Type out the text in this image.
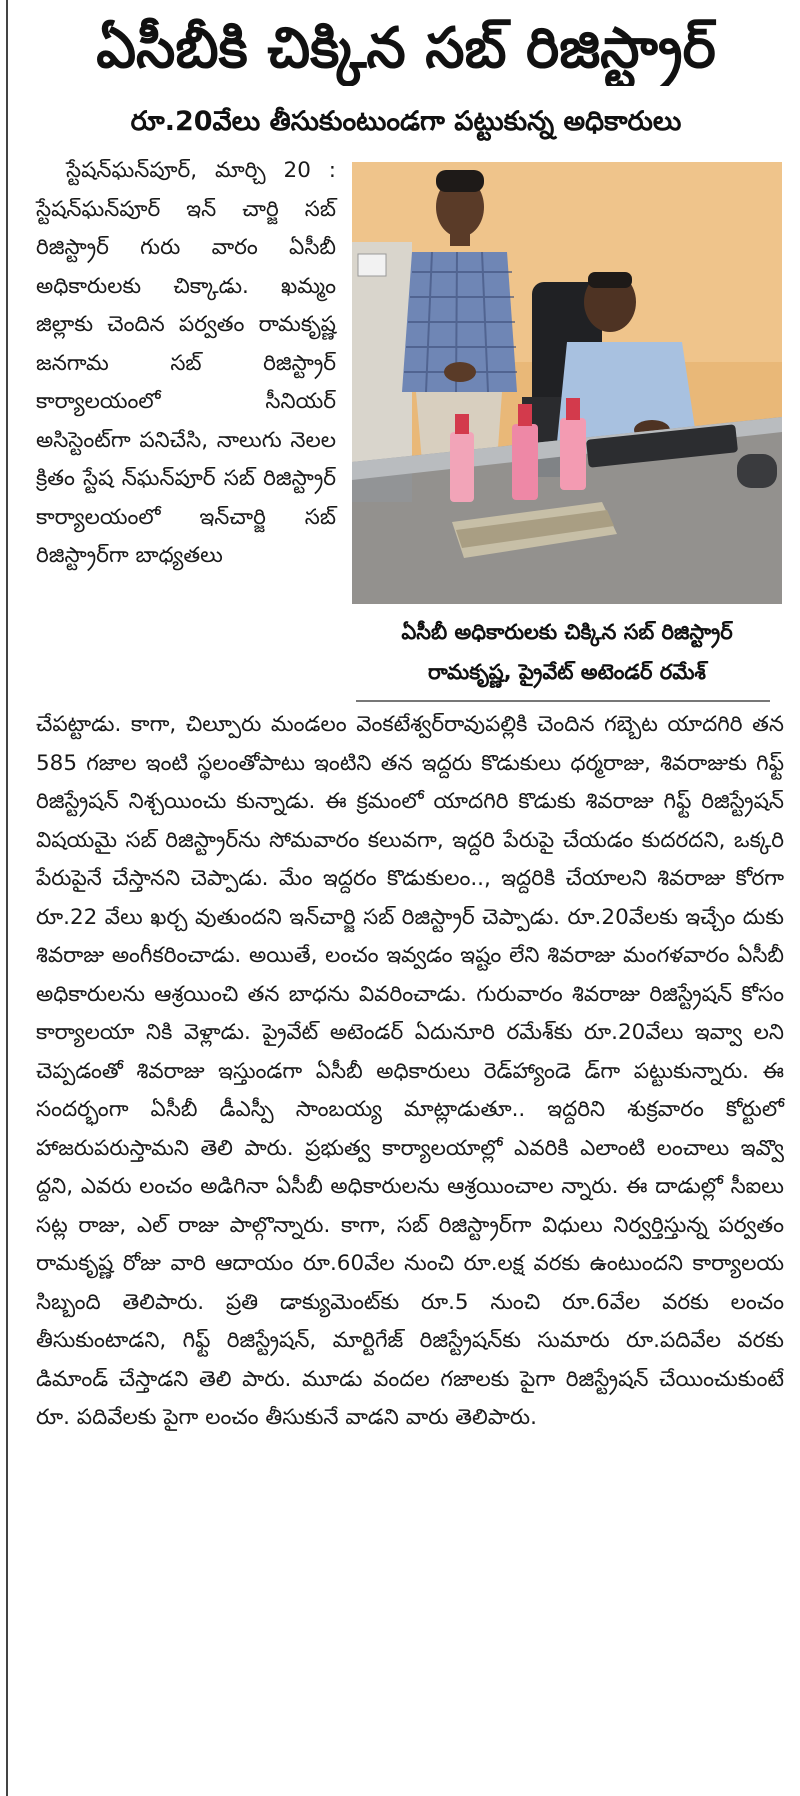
ఏసీబీకి చిక్కిన సబ్ రిజిస్ట్రార్
రూ.20వేలు తీసుకుంటుండగా పట్టుకున్న అధికారులు

స్టేషన్‌ఘన్‌పూర్, మార్చి 20 : స్టేషన్‌ఘన్‌పూర్ ఇన్ చార్జి సబ్ రిజిస్ట్రార్ గురు వారం ఏసీబీ అధికారులకు చిక్కాడు. ఖమ్మం జిల్లాకు చెందిన పర్వతం రామకృష్ణ జనగామ సబ్ రిజిస్ట్రార్ కార్యాలయంలో సీనియర్ అసిస్టెంట్‌గా పనిచేసి, నాలుగు నెలల క్రితం స్టేష న్‌ఘన్‌పూర్ సబ్ రిజిస్ట్రార్ కార్యాలయంలో ఇన్‌చార్జి సబ్ రిజిస్ట్రార్‌గా బాధ్యతలు

ఏసీబీ అధికారులకు చిక్కిన సబ్ రిజిస్ట్రార్
రామకృష్ణ, ప్రైవేట్ అటెండర్ రమేశ్

చేపట్టాడు. కాగా, చిల్పూరు మండలం వెంకటేశ్వర్‌రావుపల్లికి చెందిన గబ్బెట యాదగిరి తన 585 గజాల ఇంటి స్థలంతోపాటు ఇంటిని తన ఇద్దరు కొడుకులు ధర్మరాజు, శివరాజుకు గిఫ్ట్ రిజిస్ట్రేషన్ నిశ్చయించు కున్నాడు. ఈ క్రమంలో యాదగిరి కొడుకు శివరాజు గిఫ్ట్ రిజిస్ట్రేషన్ విషయమై సబ్ రిజిస్ట్రార్‌ను సోమవారం కలువగా, ఇద్దరి పేరుపై చేయడం కుదరదని, ఒక్కరి పేరుపైనే చేస్తానని చెప్పాడు. మేం ఇద్దరం కొడుకులం.., ఇద్దరికి చేయాలని శివరాజు కోరగా రూ.22 వేలు ఖర్చ వుతుందని ఇన్‌చార్జి సబ్ రిజిస్ట్రార్ చెప్పాడు. రూ.20వేలకు ఇచ్చేం దుకు శివరాజు అంగీకరించాడు. అయితే, లంచం ఇవ్వడం ఇష్టం లేని శివరాజు మంగళవారం ఏసీబీ అధికారులను ఆశ్రయించి తన బాధను వివరించాడు. గురువారం శివరాజు రిజిస్ట్రేషన్ కోసం కార్యాలయా నికి వెళ్లాడు. ప్రైవేట్ అటెండర్ ఏదునూరి రమేశ్‌కు రూ.20వేలు ఇవ్వా లని చెప్పడంతో శివరాజు ఇస్తుండగా ఏసీబీ అధికారులు రెడ్‌హ్యాండె డ్‌గా పట్టుకున్నారు. ఈ సందర్భంగా ఏసీబీ డీఎస్పీ సాంబయ్య మాట్లాడుతూ.. ఇద్దరిని శుక్రవారం కోర్టులో హాజరుపరుస్తామని తెలి పారు. ప్రభుత్వ కార్యాలయాల్లో ఎవరికి ఎలాంటి లంచాలు ఇవ్వొ ద్దని, ఎవరు లంచం అడిగినా ఏసీబీ అధికారులను ఆశ్రయించాల న్నారు. ఈ దాడుల్లో సీఐలు సట్ల రాజు, ఎల్ రాజు పాల్గొన్నారు. కాగా, సబ్ రిజిస్ట్రార్‌గా విధులు నిర్వర్తిస్తున్న పర్వతం రామకృష్ణ రోజు వారి ఆదాయం రూ.60వేల నుంచి రూ.లక్ష వరకు ఉంటుందని కార్యాలయ సిబ్బంది తెలిపారు. ప్రతి డాక్యుమెంట్‌కు రూ.5 నుంచి రూ.6వేల వరకు లంచం తీసుకుంటాడని, గిఫ్ట్ రిజిస్ట్రేషన్, మార్టిగేజ్ రిజిస్ట్రేషన్‌కు సుమారు రూ.పదివేల వరకు డిమాండ్ చేస్తాడని తెలి పారు. మూడు వందల గజాలకు పైగా రిజిస్ట్రేషన్ చేయించుకుంటే రూ. పదివేలకు పైగా లంచం తీసుకునే వాడని వారు తెలిపారు.
